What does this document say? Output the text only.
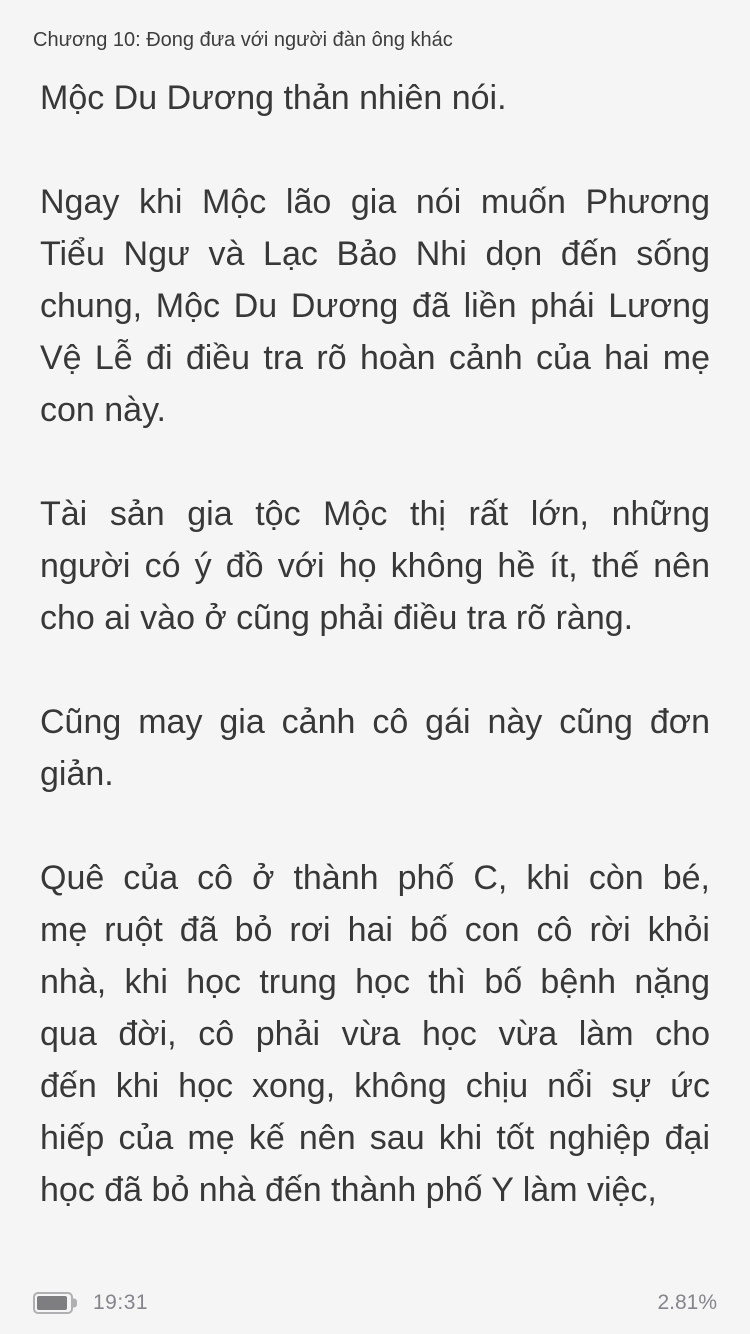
Chương 10: Đong đưa với người đàn ông khác
Mộc Du Dương thản nhiên nói.
Ngay khi Mộc lão gia nói muốn Phương
Tiểu Ngư và Lạc Bảo Nhi dọn đến sống
chung, Mộc Du Dương đã liền phái Lương
Vệ Lễ đi điều tra rõ hoàn cảnh của hai mẹ
con này.
Tài sản gia tộc Mộc thị rất lớn, những
người có ý đồ với họ không hề ít, thế nên
cho ai vào ở cũng phải điều tra rõ ràng.
Cũng may gia cảnh cô gái này cũng đơn
giản.
Quê của cô ở thành phố C, khi còn bé,
mẹ ruột đã bỏ rơi hai bố con cô rời khỏi
nhà, khi học trung học thì bố bệnh nặng
qua đời, cô phải vừa học vừa làm cho
đến khi học xong, không chịu nổi sự ức
hiếp của mẹ kế nên sau khi tốt nghiệp đại
học đã bỏ nhà đến thành phố Y làm việc,
19:31	2.81%
